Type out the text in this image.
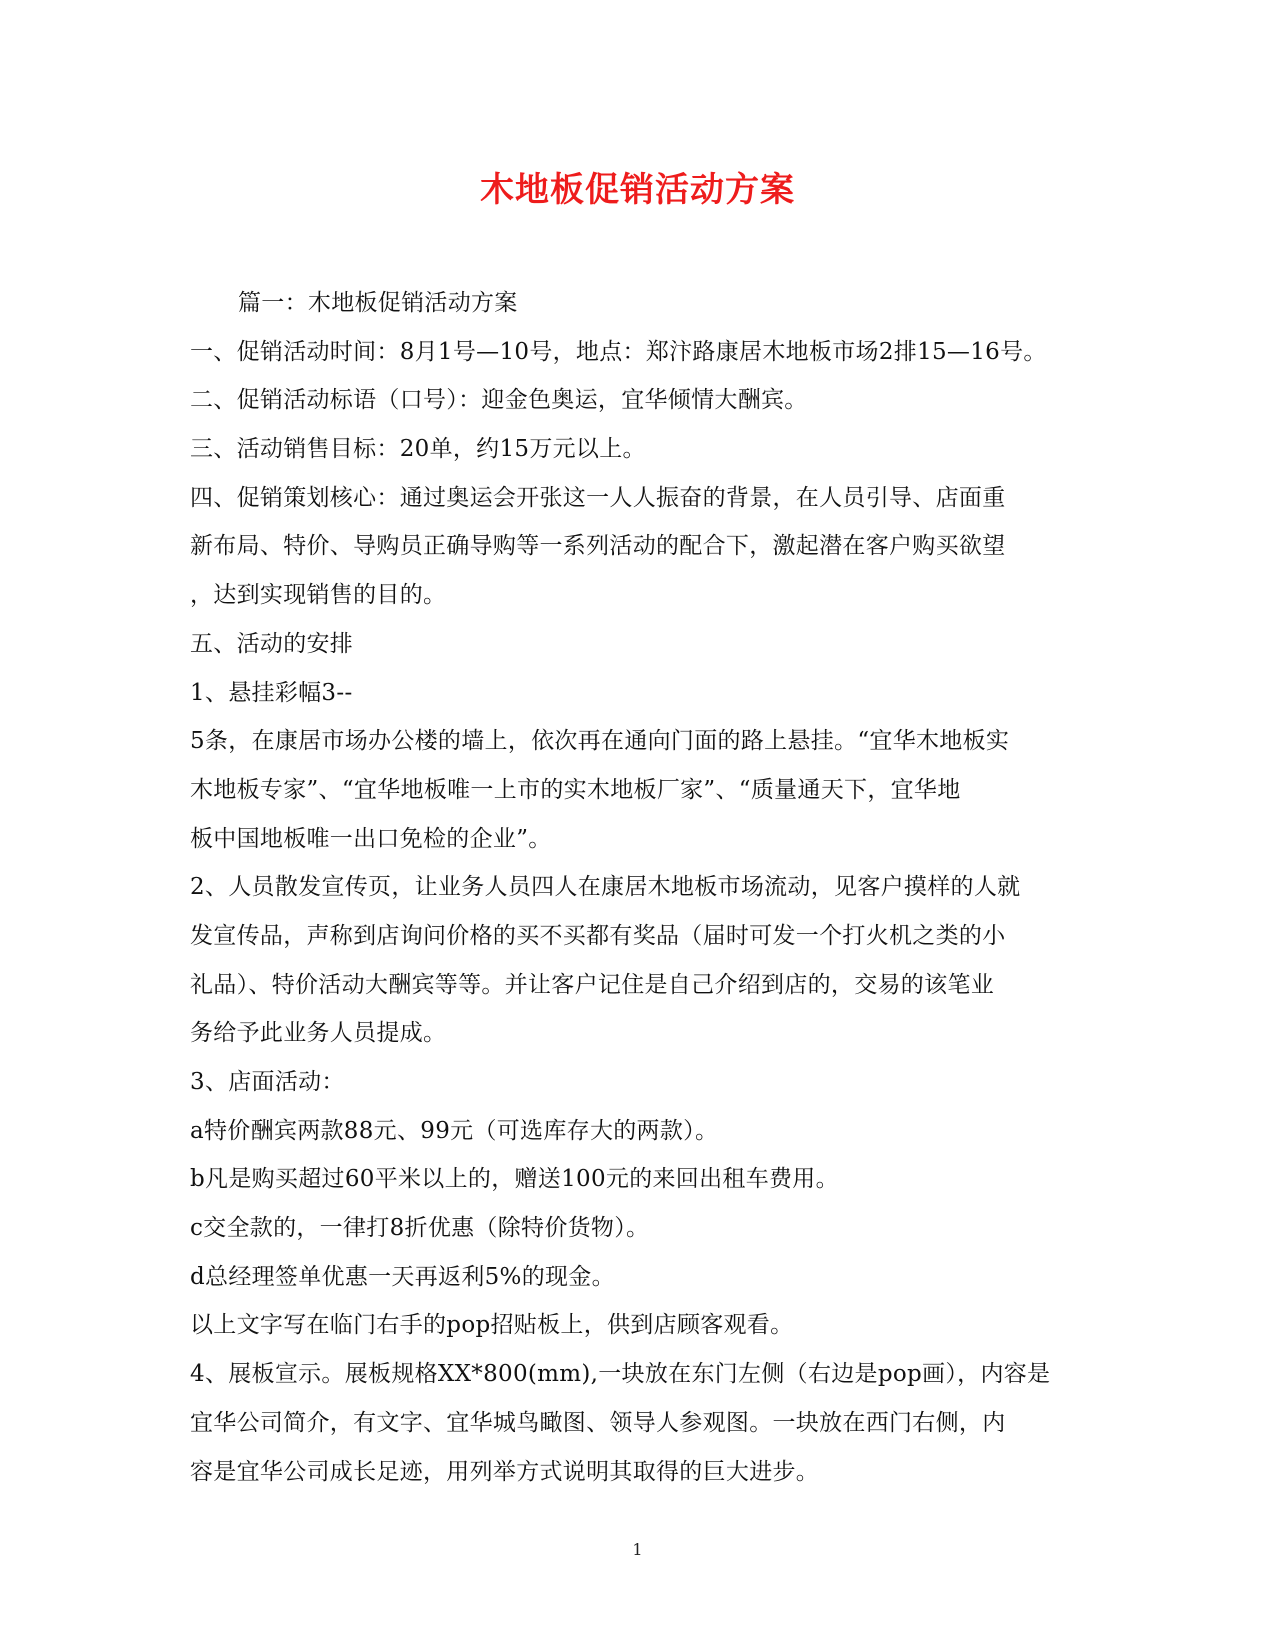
木地板促销活动方案
篇一：木地板促销活动方案
一、促销活动时间：8月1号—10号，地点：郑汴路康居木地板市场2排15—16号。
二、促销活动标语（口号）：迎金色奥运，宜华倾情大酬宾。
三、活动销售目标：20单，约15万元以上。
四、促销策划核心：通过奥运会开张这一人人振奋的背景，在人员引导、店面重
新布局、特价、导购员正确导购等一系列活动的配合下，激起潜在客户购买欲望
，达到实现销售的目的。
五、活动的安排
1、悬挂彩幅3--
5条，在康居市场办公楼的墙上，依次再在通向门面的路上悬挂。“宜华木地板实
木地板专家”、“宜华地板唯一上市的实木地板厂家”、“质量通天下，宜华地
板中国地板唯一出口免检的企业”。
2、人员散发宣传页，让业务人员四人在康居木地板市场流动，见客户摸样的人就
发宣传品，声称到店询问价格的买不买都有奖品（届时可发一个打火机之类的小
礼品）、特价活动大酬宾等等。并让客户记住是自己介绍到店的，交易的该笔业
务给予此业务人员提成。
3、店面活动：
a特价酬宾两款88元、99元（可选库存大的两款）。
b凡是购买超过60平米以上的，赠送100元的来回出租车费用。
c交全款的，一律打8折优惠（除特价货物）。
d总经理签单优惠一天再返利5%的现金。
以上文字写在临门右手的pop招贴板上，供到店顾客观看。
4、展板宣示。展板规格XX*800(mm),一块放在东门左侧（右边是pop画），内容是
宜华公司简介，有文字、宜华城鸟瞰图、领导人参观图。一块放在西门右侧，内
容是宜华公司成长足迹，用列举方式说明其取得的巨大进步。
1
